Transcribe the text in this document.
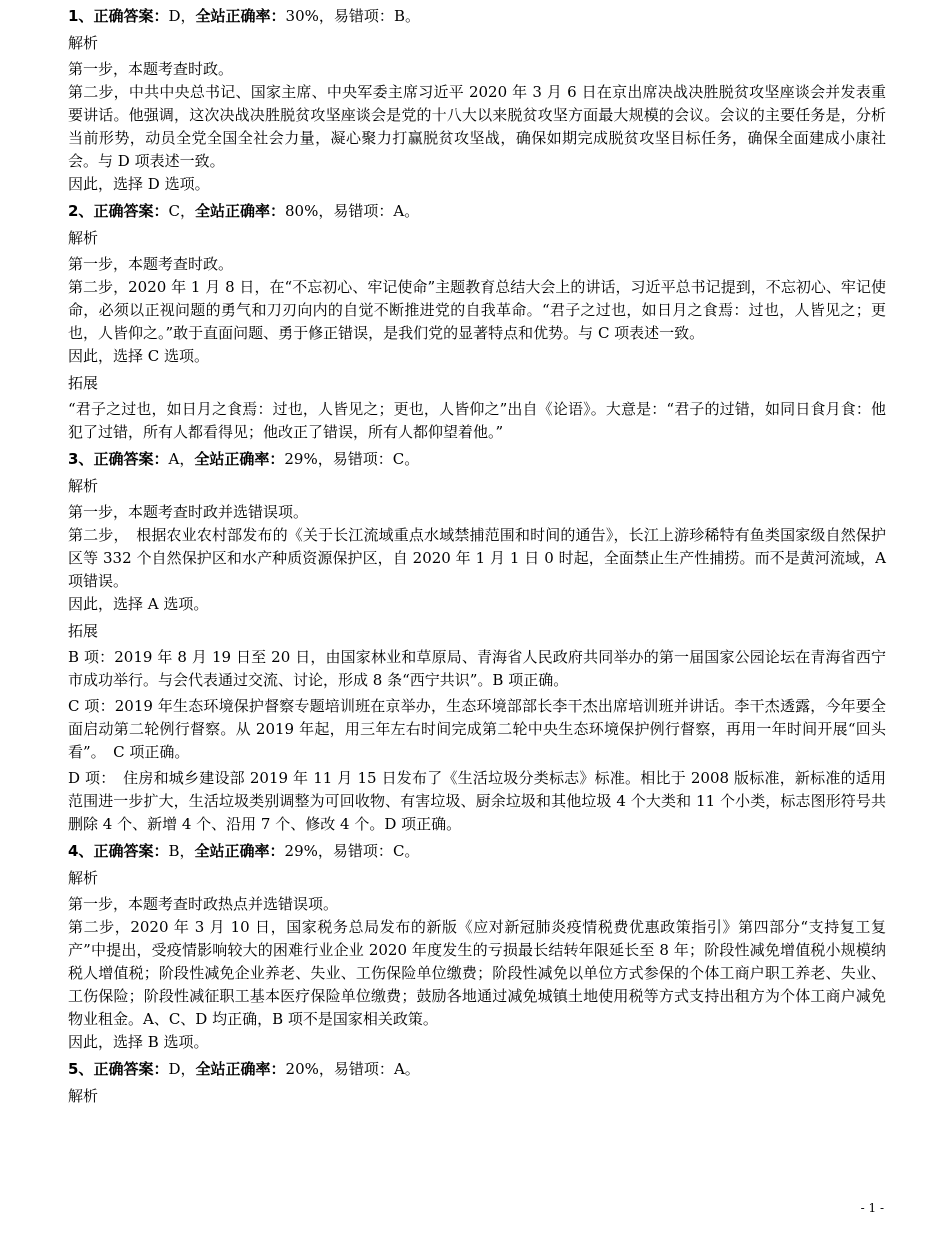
1、正确答案：D，全站正确率：30%，易错项：B。
解析
第一步，本题考查时政。
第二步，中共中央总书记、国家主席、中央军委主席习近平 2020 年 3 月 6 日在京出席决战决胜脱贫攻坚座谈会并发表重要讲话。他强调，这次决战决胜脱贫攻坚座谈会是党的十八大以来脱贫攻坚方面最大规模的会议。会议的主要任务是，分析当前形势，动员全党全国全社会力量，凝心聚力打赢脱贫攻坚战，确保如期完成脱贫攻坚目标任务，确保全面建成小康社会。与 D 项表述一致。
因此，选择 D 选项。
2、正确答案：C，全站正确率：80%，易错项：A。
解析
第一步，本题考查时政。
第二步，2020 年 1 月 8 日，在“不忘初心、牢记使命”主题教育总结大会上的讲话，习近平总书记提到，不忘初心、牢记使命，必须以正视问题的勇气和刀刃向内的自觉不断推进党的自我革命。“君子之过也，如日月之食焉：过也，人皆见之；更也，人皆仰之。”敢于直面问题、勇于修正错误，是我们党的显著特点和优势。与 C 项表述一致。
因此，选择 C 选项。
拓展
“君子之过也，如日月之食焉：过也，人皆见之；更也，人皆仰之”出自《论语》。大意是：“君子的过错，如同日食月食：他犯了过错，所有人都看得见；他改正了错误，所有人都仰望着他。”
3、正确答案：A，全站正确率：29%，易错项：C。
解析
第一步，本题考查时政并选错误项。
第二步，　根据农业农村部发布的《关于长江流域重点水域禁捕范围和时间的通告》，长江上游珍稀特有鱼类国家级自然保护区等 332 个自然保护区和水产种质资源保护区，自 2020 年 1 月 1 日 0 时起，全面禁止生产性捕捞。而不是黄河流域，A 项错误。
因此，选择 A 选项。
拓展
B 项：2019 年 8 月 19 日至 20 日，由国家林业和草原局、青海省人民政府共同举办的第一届国家公园论坛在青海省西宁市成功举行。与会代表通过交流、讨论，形成 8 条“西宁共识”。B 项正确。
C 项：2019 年生态环境保护督察专题培训班在京举办，生态环境部部长李干杰出席培训班并讲话。李干杰透露，今年要全面启动第二轮例行督察。从 2019 年起，用三年左右时间完成第二轮中央生态环境保护例行督察，再用一年时间开展“回头看”。　C 项正确。
D 项：　住房和城乡建设部 2019 年 11 月 15 日发布了《生活垃圾分类标志》标准。相比于 2008 版标准，新标准的适用范围进一步扩大，生活垃圾类别调整为可回收物、有害垃圾、厨余垃圾和其他垃圾 4 个大类和 11 个小类，标志图形符号共删除 4 个、新增 4 个、沿用 7 个、修改 4 个。D 项正确。
4、正确答案：B，全站正确率：29%，易错项：C。
解析
第一步，本题考查时政热点并选错误项。
第二步，2020 年 3 月 10 日，国家税务总局发布的新版《应对新冠肺炎疫情税费优惠政策指引》第四部分“支持复工复产”中提出，受疫情影响较大的困难行业企业 2020 年度发生的亏损最长结转年限延长至 8 年；阶段性减免增值税小规模纳税人增值税；阶段性减免企业养老、失业、工伤保险单位缴费；阶段性减免以单位方式参保的个体工商户职工养老、失业、工伤保险；阶段性减征职工基本医疗保险单位缴费；鼓励各地通过减免城镇土地使用税等方式支持出租方为个体工商户减免物业租金。A、C、D 均正确，B 项不是国家相关政策。
因此，选择 B 选项。
5、正确答案：D，全站正确率：20%，易错项：A。
解析
- 1 -
